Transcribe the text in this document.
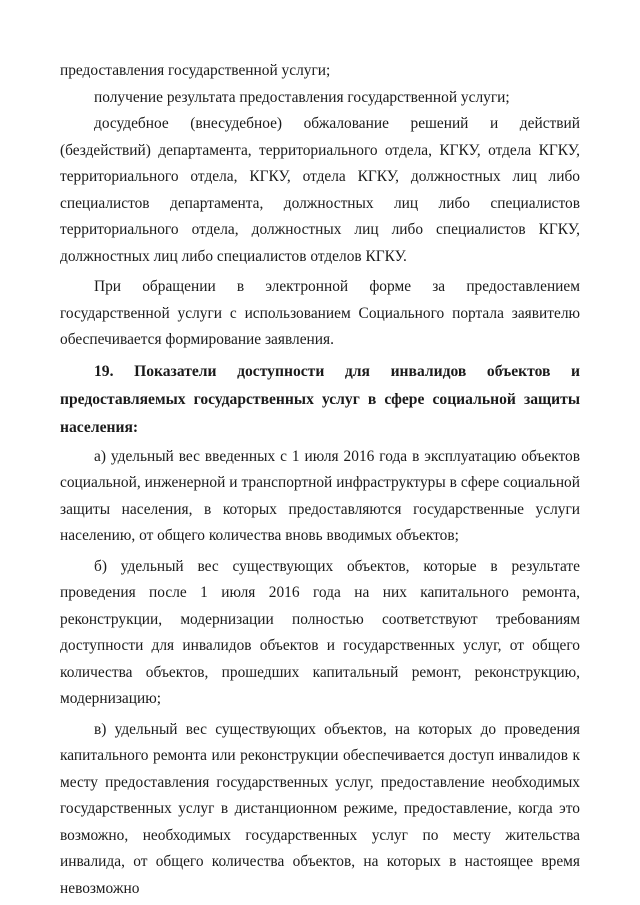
предоставления государственной услуги;

получение результата предоставления государственной услуги;

досудебное (внесудебное) обжалование решений и действий (бездействий) департамента, территориального отдела, КГКУ, отдела КГКУ, территориального отдела, КГКУ, отдела КГКУ, должностных лиц либо специалистов департамента, должностных лиц либо специалистов территориального отдела, должностных лиц либо специалистов КГКУ, должностных лиц либо специалистов отделов КГКУ.

При обращении в электронной форме за предоставлением государственной услуги с использованием Социального портала заявителю обеспечивается формирование заявления.

19. Показатели доступности для инвалидов объектов и предоставляемых государственных услуг в сфере социальной защиты населения:

а) удельный вес введенных с 1 июля 2016 года в эксплуатацию объектов социальной, инженерной и транспортной инфраструктуры в сфере социальной защиты населения, в которых предоставляются государственные услуги населению, от общего количества вновь вводимых объектов;

б) удельный вес существующих объектов, которые в результате проведения после 1 июля 2016 года на них капитального ремонта, реконструкции, модернизации полностью соответствуют требованиям доступности для инвалидов объектов и государственных услуг, от общего количества объектов, прошедших капитальный ремонт, реконструкцию, модернизацию;

в) удельный вес существующих объектов, на которых до проведения капитального ремонта или реконструкции обеспечивается доступ инвалидов к месту предоставления государственных услуг, предоставление необходимых государственных услуг в дистанционном режиме, предоставление, когда это возможно, необходимых государственных услуг по месту жительства инвалида, от общего количества объектов, на которых в настоящее время невозможно
